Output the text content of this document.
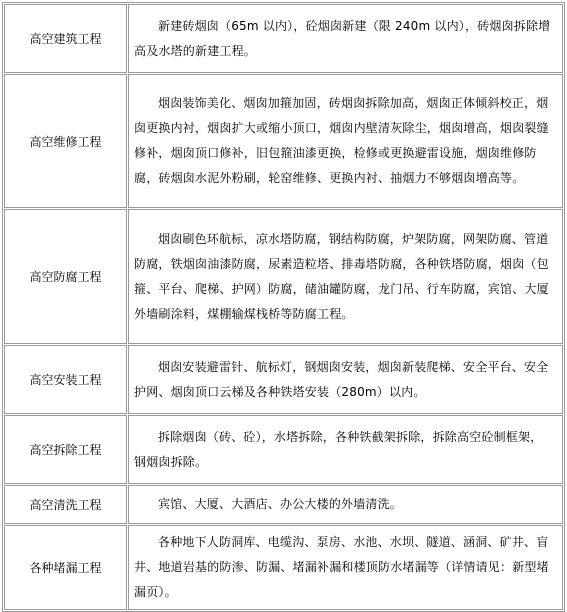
高空建筑工程	新建砖烟囱（65m 以内），砼烟囱新建（限 240m 以内），砖烟囱拆除增高及水塔的新建工程。
高空维修工程	烟囱装饰美化、烟囱加箍加固，砖烟囱拆除加高，烟囱正体倾斜校正，烟囱更换内衬，烟囱扩大或缩小顶口，烟囱内壁清灰除尘，烟囱增高，烟囱裂缝修补，烟囱顶口修补，旧包箍油漆更换，检修或更换避雷设施，烟囱维修防腐，砖烟囱水泥外粉刷，轮窑维修、更换内衬、抽烟力不够烟囱增高等。
高空防腐工程	烟囱刷色环航标，凉水塔防腐，钢结构防腐，炉架防腐，网架防腐、管道防腐，铁烟囱油漆防腐，尿素造粒塔、排毒塔防腐，各种铁塔防腐，烟囱（包箍、平台、爬梯、护网）防腐，储油罐防腐，龙门吊、行车防腐，宾馆、大厦外墙刷涂料，煤棚输煤栈桥等防腐工程。
高空安装工程	烟囱安装避雷针、航标灯，钢烟囱安装，烟囱新装爬梯、安全平台、安全护网、烟囱顶口云梯及各种铁塔安装（280m）以内。
高空拆除工程	拆除烟囱（砖、砼），水塔拆除，各种铁截架拆除，拆除高空砼制框架，钢烟囱拆除。
高空清洗工程	宾馆、大厦、大酒店、办公大楼的外墙清洗。
各种堵漏工程	各种地下人防洞库、电缆沟、泵房、水池、水坝、隧道、涵洞、矿井、盲井、地道岩基的防渗、防漏、堵漏补漏和楼顶防水堵漏等（详情请见：新型堵漏页）。
